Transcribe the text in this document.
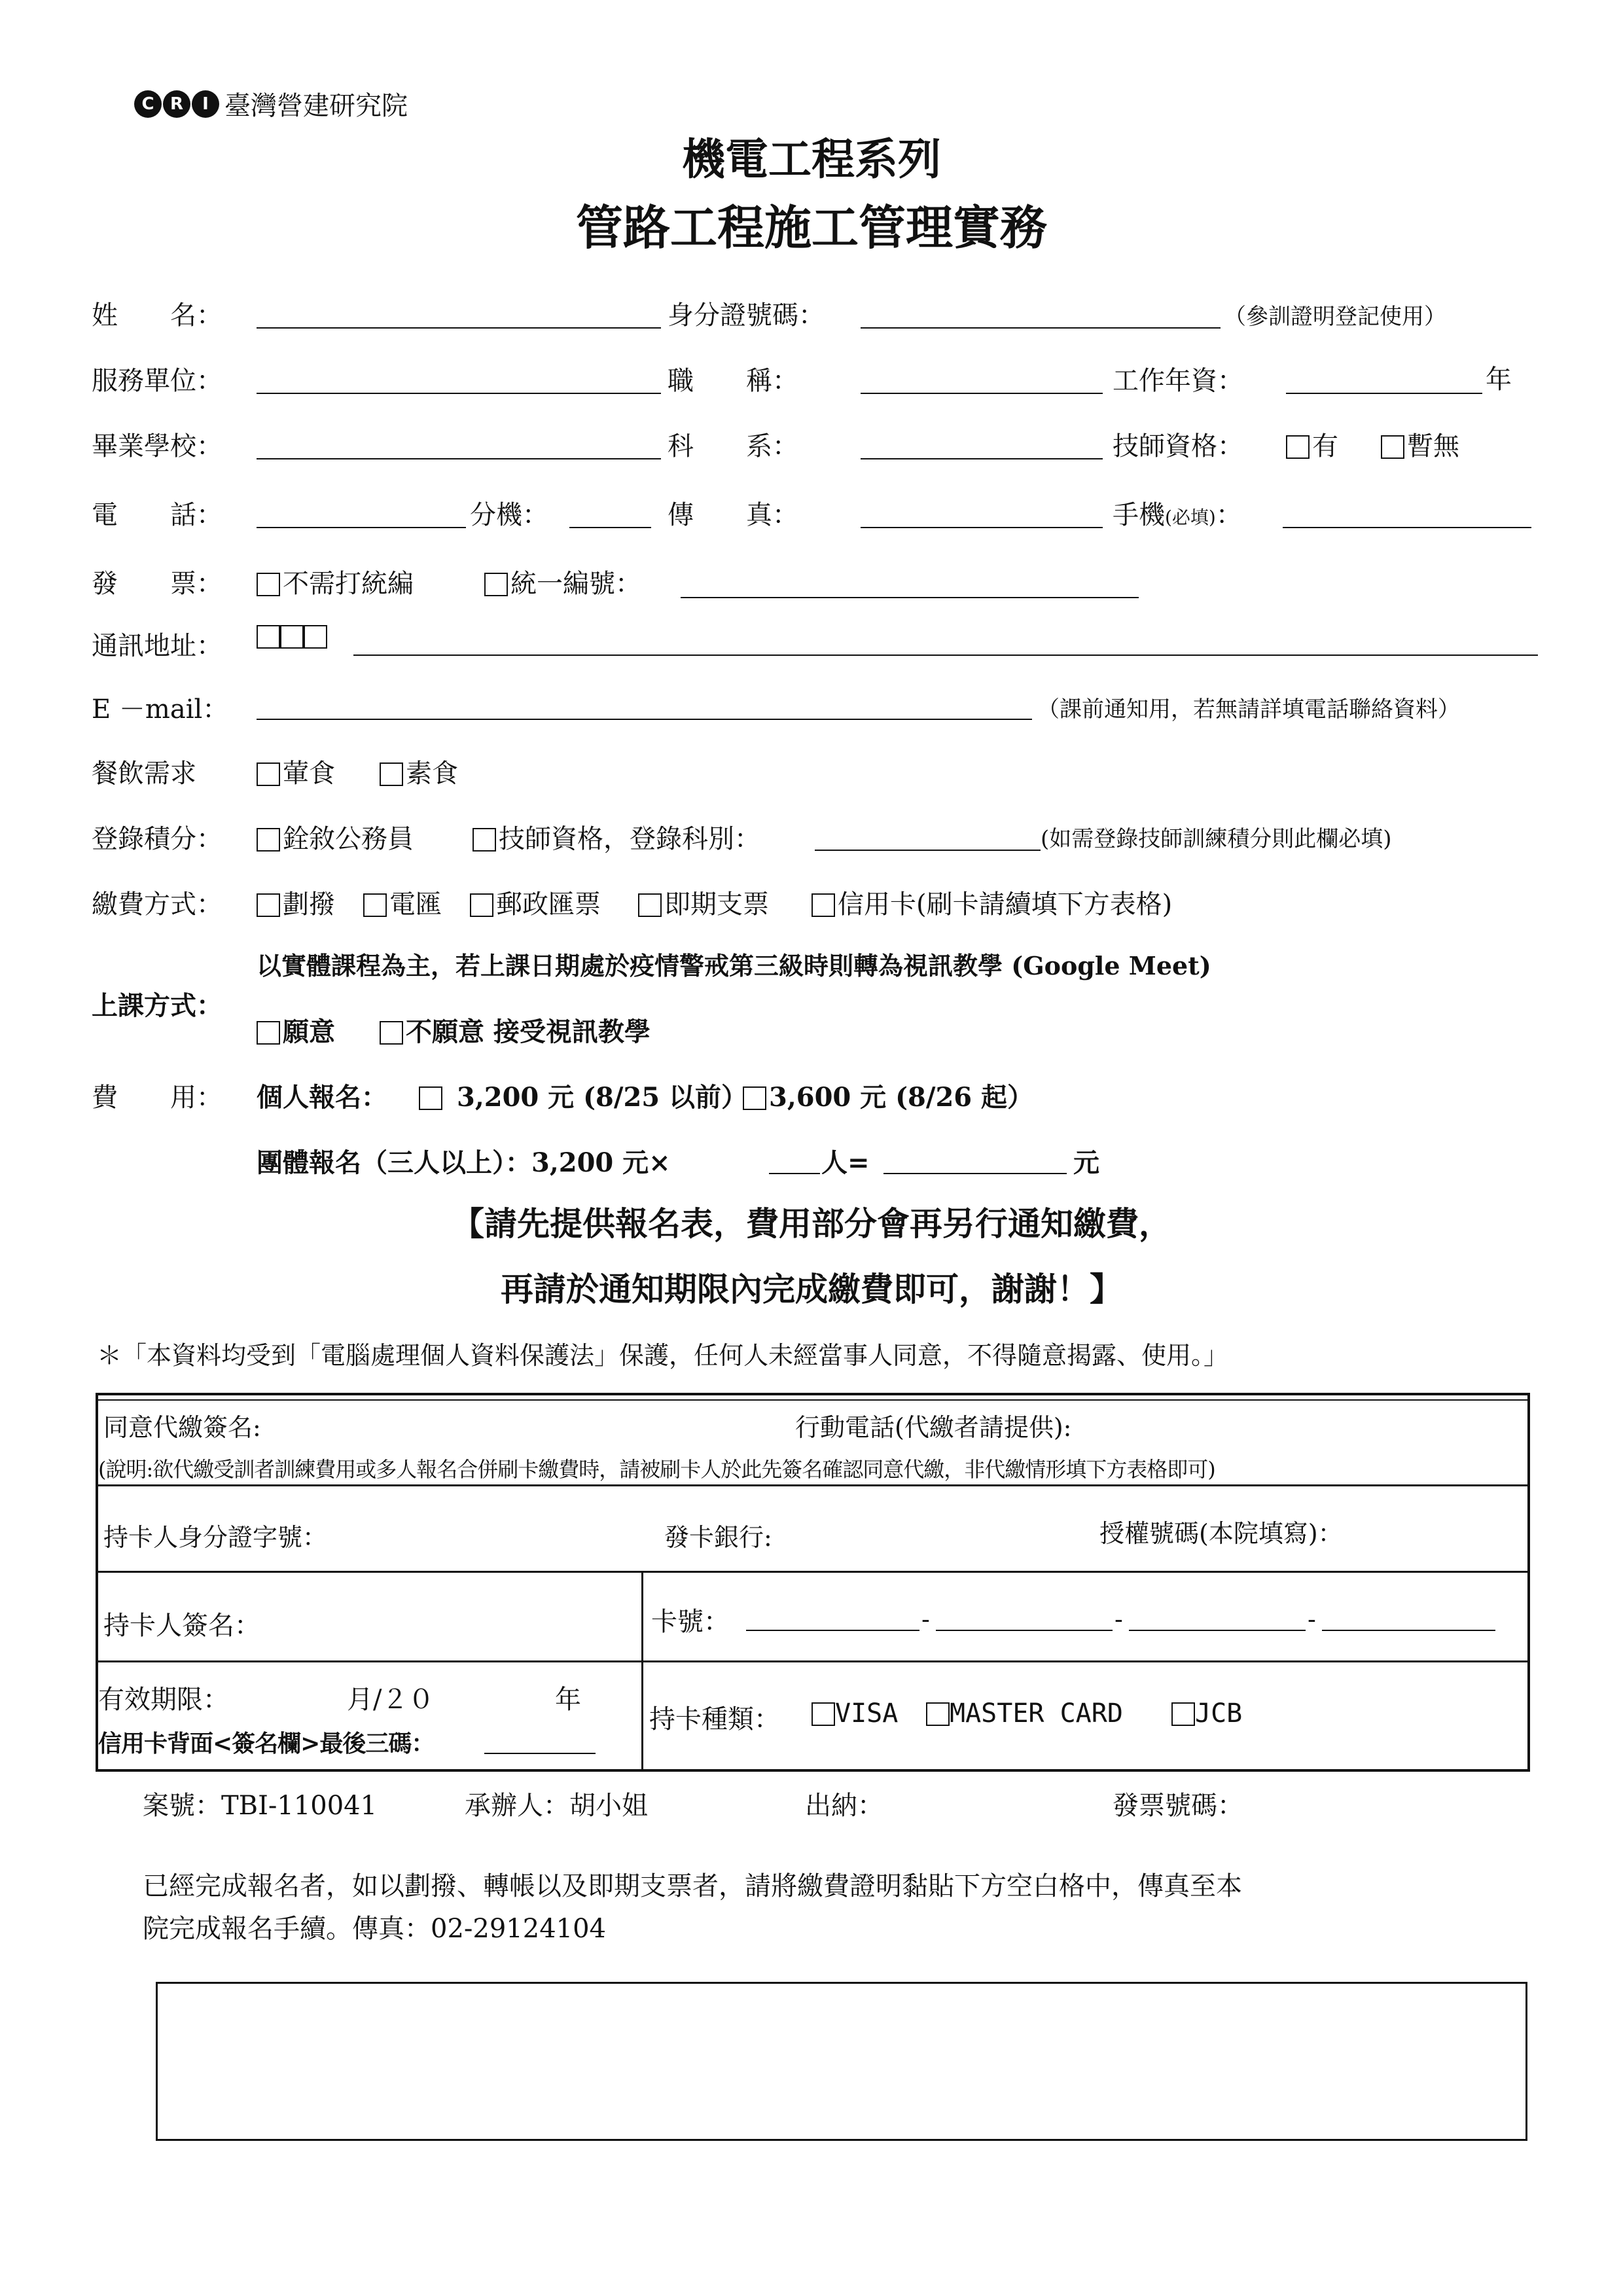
C R	I 臺灣營建研究院
機電工程系列
管路工程施工管理實務
姓　　名：	身分證號碼：	（參訓證明登記使用）
服務單位：	職　　稱：	工作年資：	年
畢業學校：	科　　系：	技師資格：	有	暫無
電　　話：	分機：	傳　　真：	手機(必填)：
發　　票：	不需打統編	統一編號：
通訊地址：
E －mail：	（課前通知用，若無請詳填電話聯絡資料）
餐飲需求	葷食	素食
登錄積分：	銓敘公務員	技師資格，登錄科別：	(如需登錄技師訓練積分則此欄必填)
繳費方式：	劃撥	電匯	郵政匯票	即期支票	信用卡(刷卡請續填下方表格)
上課方式：
以實體課程為主，若上課日期處於疫情警戒第三級時則轉為視訊教學 (Google Meet)
願意	不願意 接受視訊教學
費　　用： 個人報名：	3,200 元 (8/25 以前） 3,600 元 (8/26 起）
團體報名（三人以上）：3,200 元×	人=	元
【請先提供報名表，費用部分會再另行通知繳費，
再請於通知期限內完成繳費即可，謝謝！】
＊「本資料均受到「電腦處理個人資料保護法」保護，任何人未經當事人同意，不得隨意揭露、使用。」
同意代繳簽名:	行動電話(代繳者請提供):
(說明:欲代繳受訓者訓練費用或多人報名合併刷卡繳費時，請被刷卡人於此先簽名確認同意代繳，非代繳情形填下方表格即可)
持卡人身分證字號：	發卡銀行:	授權號碼(本院填寫)：
持卡人簽名：	卡號：	-	-	-
有效期限：	月/２０	年
信用卡背面<簽名欄>最後三碼：
持卡種類：	VISA	MASTER CARD	JCB
案號：TBI-110041	承辦人：胡小姐	出納：	發票號碼：
已經完成報名者，如以劃撥、轉帳以及即期支票者，請將繳費證明黏貼下方空白格中，傳真至本
院完成報名手續。傳真：02-29124104
